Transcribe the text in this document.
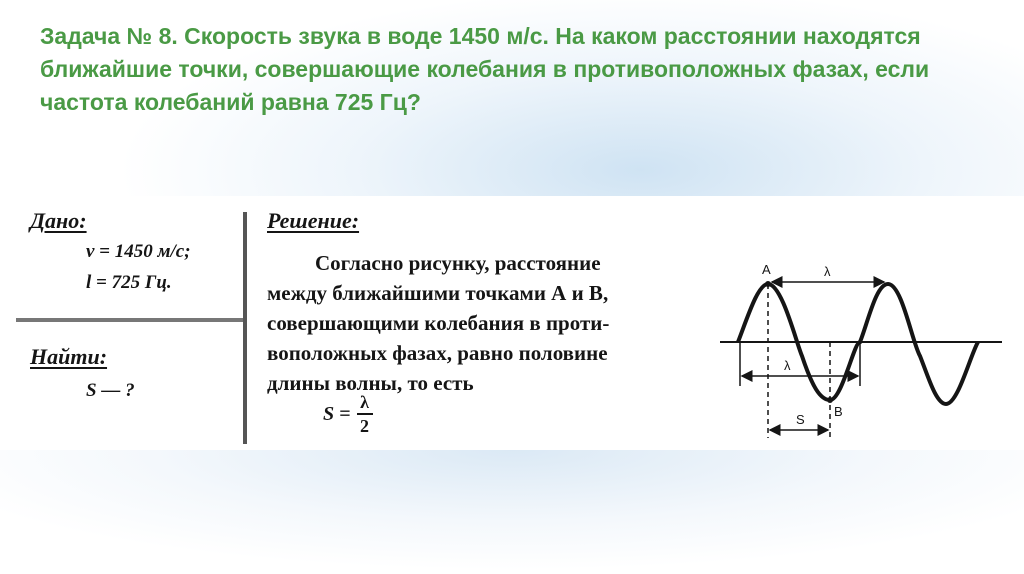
Задача № 8. Скорость звука в воде 1450 м/с. На каком расстоянии находятся ближайшие точки, совершающие колебания в противоположных фазах, если частота колебаний равна 725 Гц?
Дано:
v = 1450 м/с;
l = 725 Гц.
Найти:
S — ?
Решение:

Согласно рисунку, расстояние
между ближайшими точками А и В,
совершающими колебания в проти-
воположных фазах, равно половине
длины волны, то есть

$S = \frac{\lambda}{2}$
A
B
λ
λ
S
